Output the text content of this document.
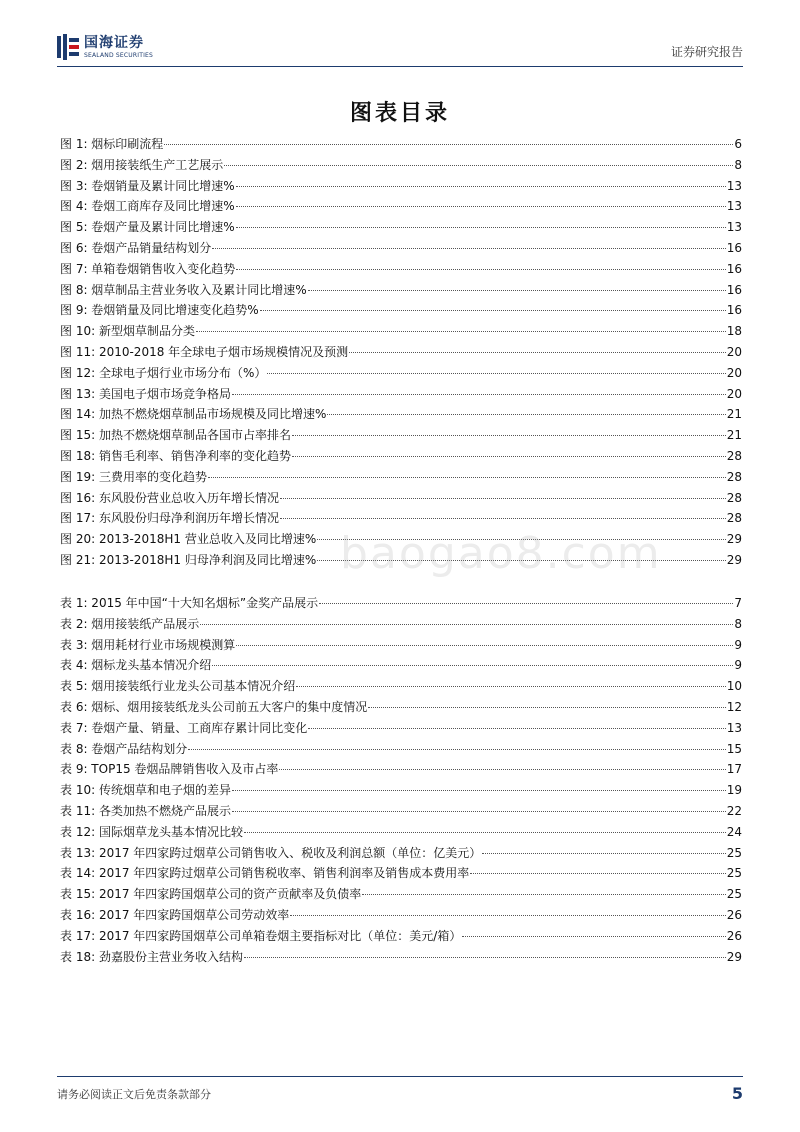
国海证券
SEALAND SECURITIES	证券研究报告
图表目录
图 1: 烟标印刷流程	6
图 2: 烟用接装纸生产工艺展示	8
图 3: 卷烟销量及累计同比增速%	13
图 4: 卷烟工商库存及同比增速%	13
图 5: 卷烟产量及累计同比增速%	13
图 6: 卷烟产品销量结构划分	16
图 7: 单箱卷烟销售收入变化趋势	16
图 8: 烟草制品主营业务收入及累计同比增速%	16
图 9: 卷烟销量及同比增速变化趋势%	16
图 10: 新型烟草制品分类	18
图 11: 2010-2018 年全球电子烟市场规模情况及预测	20
图 12: 全球电子烟行业市场分布（%）	20
图 13: 美国电子烟市场竞争格局	20
图 14: 加热不燃烧烟草制品市场规模及同比增速%	21
图 15: 加热不燃烧烟草制品各国市占率排名	21
图 18: 销售毛利率、销售净利率的变化趋势	28
图 19: 三费用率的变化趋势	28
图 16: 东风股份营业总收入历年增长情况	28
图 17: 东风股份归母净利润历年增长情况	28
图 20: 2013-2018H1 营业总收入及同比增速%	29
图 21: 2013-2018H1 归母净利润及同比增速%	29
表 1: 2015 年中国“十大知名烟标”金奖产品展示	7
表 2: 烟用接装纸产品展示	8
表 3: 烟用耗材行业市场规模测算	9
表 4: 烟标龙头基本情况介绍	9
表 5: 烟用接装纸行业龙头公司基本情况介绍	10
表 6: 烟标、烟用接装纸龙头公司前五大客户的集中度情况	12
表 7: 卷烟产量、销量、工商库存累计同比变化	13
表 8: 卷烟产品结构划分	15
表 9: TOP15 卷烟品牌销售收入及市占率	17
表 10: 传统烟草和电子烟的差异	19
表 11: 各类加热不燃烧产品展示	22
表 12: 国际烟草龙头基本情况比较	24
表 13: 2017 年四家跨过烟草公司销售收入、税收及利润总额（单位：亿美元）	25
表 14: 2017 年四家跨过烟草公司销售税收率、销售利润率及销售成本费用率	25
表 15: 2017 年四家跨国烟草公司的资产贡献率及负债率	25
表 16: 2017 年四家跨国烟草公司劳动效率	26
表 17: 2017 年四家跨国烟草公司单箱卷烟主要指标对比（单位：美元/箱）	26
表 18: 劲嘉股份主营业务收入结构	29
baogao8.com
请务必阅读正文后免责条款部分	5
